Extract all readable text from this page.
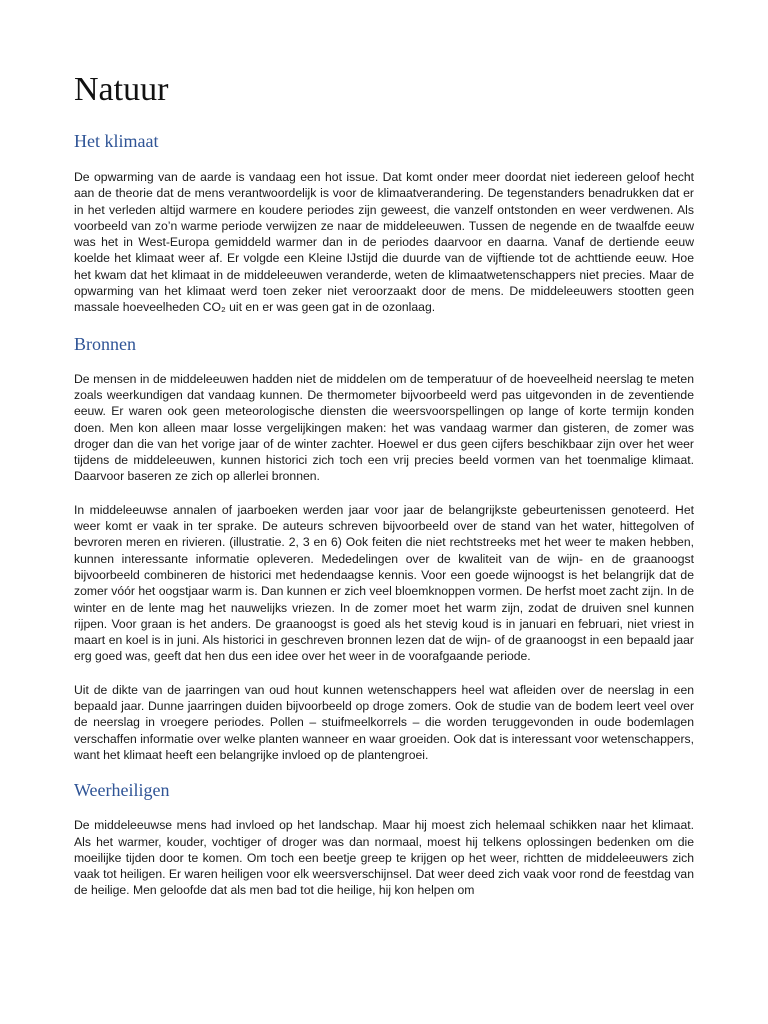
Natuur
Het klimaat

De opwarming van de aarde is vandaag een hot issue. Dat komt onder meer doordat niet iedereen geloof hecht aan de theorie dat de mens verantwoordelijk is voor de klimaatverandering. De tegenstanders benadrukken dat er in het verleden altijd warmere en koudere periodes zijn geweest, die vanzelf ontstonden en weer verdwenen. Als voorbeeld van zo’n warme periode verwijzen ze naar de middeleeuwen. Tussen de negende en de twaalfde eeuw was het in West-Europa gemiddeld warmer dan in de periodes daarvoor en daarna. Vanaf de dertiende eeuw koelde het klimaat weer af. Er volgde een Kleine IJstijd die duurde van de vijftiende tot de achttiende eeuw. Hoe het kwam dat het klimaat in de middeleeuwen veranderde, weten de klimaatwetenschappers niet precies. Maar de opwarming van het klimaat werd toen zeker niet veroorzaakt door de mens. De middeleeuwers stootten geen massale hoeveelheden CO₂ uit en er was geen gat in de ozonlaag.

Bronnen

De mensen in de middeleeuwen hadden niet de middelen om de temperatuur of de hoeveelheid neerslag te meten zoals weerkundigen dat vandaag kunnen. De thermometer bijvoorbeeld werd pas uitgevonden in de zeventiende eeuw. Er waren ook geen meteorologische diensten die weersvoorspellingen op lange of korte termijn konden doen. Men kon alleen maar losse vergelijkingen maken: het was vandaag warmer dan gisteren, de zomer was droger dan die van het vorige jaar of de winter zachter. Hoewel er dus geen cijfers beschikbaar zijn over het weer tijdens de middeleeuwen, kunnen historici zich toch een vrij precies beeld vormen van het toenmalige klimaat. Daarvoor baseren ze zich op allerlei bronnen.

In middeleeuwse annalen of jaarboeken werden jaar voor jaar de belangrijkste gebeurtenissen genoteerd. Het weer komt er vaak in ter sprake. De auteurs schreven bijvoorbeeld over de stand van het water, hittegolven of bevroren meren en rivieren. (illustratie. 2, 3 en 6) Ook feiten die niet rechtstreeks met het weer te maken hebben, kunnen interessante informatie opleveren. Mededelingen over de kwaliteit van de wijn- en de graanoogst bijvoorbeeld combineren de historici met hedendaagse kennis. Voor een goede wijnoogst is het belangrijk dat de zomer vóór het oogstjaar warm is. Dan kunnen er zich veel bloemknoppen vormen. De herfst moet zacht zijn. In de winter en de lente mag het nauwelijks vriezen. In de zomer moet het warm zijn, zodat de druiven snel kunnen rijpen. Voor graan is het anders. De graanoogst is goed als het stevig koud is in januari en februari, niet vriest in maart en koel is in juni. Als historici in geschreven bronnen lezen dat de wijn- of de graanoogst in een bepaald jaar erg goed was, geeft dat hen dus een idee over het weer in de voorafgaande periode.

Uit de dikte van de jaarringen van oud hout kunnen wetenschappers heel wat afleiden over de neerslag in een bepaald jaar. Dunne jaarringen duiden bijvoorbeeld op droge zomers. Ook de studie van de bodem leert veel over de neerslag in vroegere periodes. Pollen – stuifmeelkorrels – die worden teruggevonden in oude bodemlagen verschaffen informatie over welke planten wanneer en waar groeiden. Ook dat is interessant voor wetenschappers, want het klimaat heeft een belangrijke invloed op de plantengroei.

Weerheiligen

De middeleeuwse mens had invloed op het landschap. Maar hij moest zich helemaal schikken naar het klimaat. Als het warmer, kouder, vochtiger of droger was dan normaal, moest hij telkens oplossingen bedenken om die moeilijke tijden door te komen. Om toch een beetje greep te krijgen op het weer, richtten de middeleeuwers zich vaak tot heiligen. Er waren heiligen voor elk weersverschijnsel. Dat weer deed zich vaak voor rond de feestdag van de heilige. Men geloofde dat als men bad tot die heilige, hij kon helpen om
